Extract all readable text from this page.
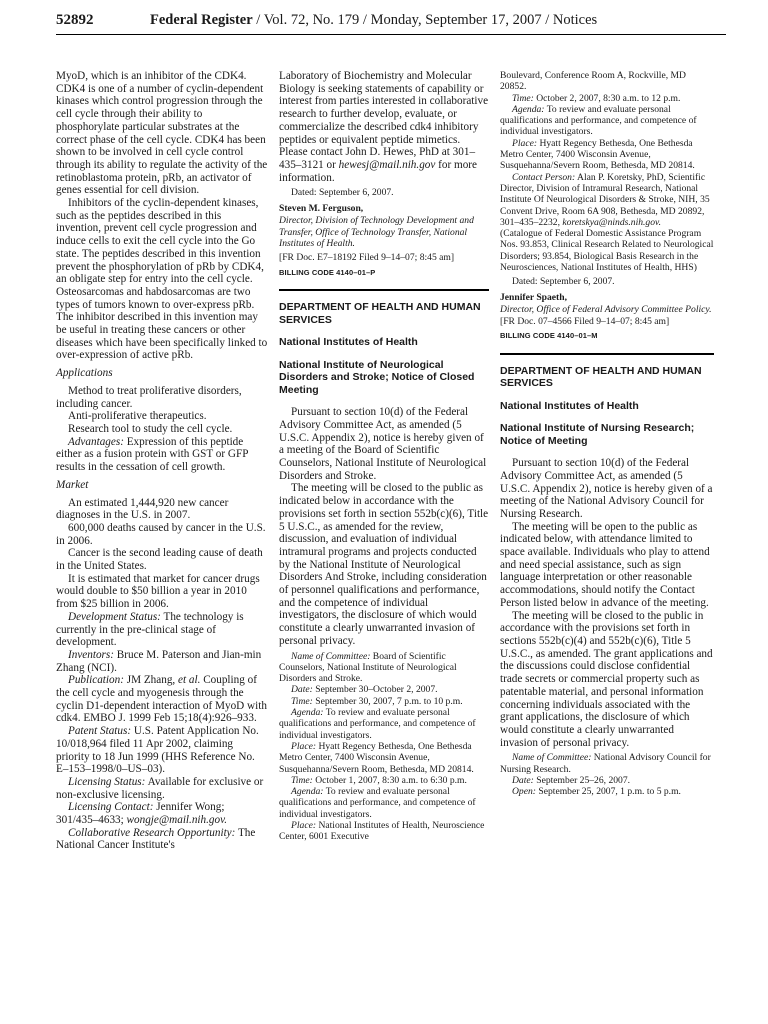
52892	Federal Register / Vol. 72, No. 179 / Monday, September 17, 2007 / Notices

MyoD, which is an inhibitor of the CDK4. CDK4 is one of a number of cyclin-dependent kinases which control progression through the cell cycle through their ability to phosphorylate particular substrates at the correct phase of the cell cycle. CDK4 has been shown to be involved in cell cycle control through its ability to regulate the activity of the retinoblastoma protein, pRb, an activator of genes essential for cell division.

Inhibitors of the cyclin-dependent kinases, such as the peptides described in this invention, prevent cell cycle progression and induce cells to exit the cell cycle into the Go state. The peptides described in this invention prevent the phosphorylation of pRb by CDK4, an obligate step for entry into the cell cycle. Osteosarcomas and habdosarcomas are two types of tumors known to over-express pRb. The inhibitor described in this invention may be useful in treating these cancers or other diseases which have been specifically linked to over-expression of active pRb.

Applications

Method to treat proliferative disorders, including cancer.

Anti-proliferative therapeutics.

Research tool to study the cell cycle.

Advantages: Expression of this peptide either as a fusion protein with GST or GFP results in the cessation of cell growth.

Market

An estimated 1,444,920 new cancer diagnoses in the U.S. in 2007.

600,000 deaths caused by cancer in the U.S. in 2006.

Cancer is the second leading cause of death in the United States.

It is estimated that market for cancer drugs would double to $50 billion a year in 2010 from $25 billion in 2006.

Development Status: The technology is currently in the pre-clinical stage of development.

Inventors: Bruce M. Paterson and Jian-min Zhang (NCI).

Publication: JM Zhang, et al. Coupling of the cell cycle and myogenesis through the cyclin D1-dependent interaction of MyoD with cdk4. EMBO J. 1999 Feb 15;18(4):926–933.

Patent Status: U.S. Patent Application No. 10/018,964 filed 11 Apr 2002, claiming priority to 18 Jun 1999 (HHS Reference No. E–153–1998/0–US–03).

Licensing Status: Available for exclusive or non-exclusive licensing.

Licensing Contact: Jennifer Wong; 301/435–4633; wongje@mail.nih.gov.

Collaborative Research Opportunity: The National Cancer Institute's

Laboratory of Biochemistry and Molecular Biology is seeking statements of capability or interest from parties interested in collaborative research to further develop, evaluate, or commercialize the described cdk4 inhibitory peptides or equivalent peptide mimetics. Please contact John D. Hewes, PhD at 301–435–3121 or hewesj@mail.nih.gov for more information.

Dated: September 6, 2007.

Steven M. Ferguson,

Director, Division of Technology Development and Transfer, Office of Technology Transfer, National Institutes of Health.

[FR Doc. E7–18192 Filed 9–14–07; 8:45 am]

BILLING CODE 4140–01–P

DEPARTMENT OF HEALTH AND HUMAN SERVICES

National Institutes of Health

National Institute of Neurological Disorders and Stroke; Notice of Closed Meeting

Pursuant to section 10(d) of the Federal Advisory Committee Act, as amended (5 U.S.C. Appendix 2), notice is hereby given of a meeting of the Board of Scientific Counselors, National Institute of Neurological Disorders and Stroke.

The meeting will be closed to the public as indicated below in accordance with the provisions set forth in section 552b(c)(6), Title 5 U.S.C., as amended for the review, discussion, and evaluation of individual intramural programs and projects conducted by the National Institute of Neurological Disorders And Stroke, including consideration of personnel qualifications and performance, and the competence of individual investigators, the disclosure of which would constitute a clearly unwarranted invasion of personal privacy.

Name of Committee: Board of Scientific Counselors, National Institute of Neurological Disorders and Stroke.

Date: September 30–October 2, 2007.

Time: September 30, 2007, 7 p.m. to 10 p.m.

Agenda: To review and evaluate personal qualifications and performance, and competence of individual investigators.

Place: Hyatt Regency Bethesda, One Bethesda Metro Center, 7400 Wisconsin Avenue, Susquehanna/Severn Room, Bethesda, MD 20814.

Time: October 1, 2007, 8:30 a.m. to 6:30 p.m.

Agenda: To review and evaluate personal qualifications and performance, and competence of individual investigators.

Place: National Institutes of Health, Neuroscience Center, 6001 Executive

Boulevard, Conference Room A, Rockville, MD 20852.

Time: October 2, 2007, 8:30 a.m. to 12 p.m.

Agenda: To review and evaluate personal qualifications and performance, and competence of individual investigators.

Place: Hyatt Regency Bethesda, One Bethesda Metro Center, 7400 Wisconsin Avenue, Susquehanna/Severn Room, Bethesda, MD 20814.

Contact Person: Alan P. Koretsky, PhD, Scientific Director, Division of Intramural Research, National Institute Of Neurological Disorders & Stroke, NIH, 35 Convent Drive, Room 6A 908, Bethesda, MD 20892, 301–435–2232, koretskya@ninds.nih.gov.

(Catalogue of Federal Domestic Assistance Program Nos. 93.853, Clinical Research Related to Neurological Disorders; 93.854, Biological Basis Research in the Neurosciences, National Institutes of Health, HHS)

Dated: September 6, 2007.

Jennifer Spaeth,

Director, Office of Federal Advisory Committee Policy.

[FR Doc. 07–4566 Filed 9–14–07; 8:45 am]

BILLING CODE 4140–01–M

DEPARTMENT OF HEALTH AND HUMAN SERVICES

National Institutes of Health

National Institute of Nursing Research; Notice of Meeting

Pursuant to section 10(d) of the Federal Advisory Committee Act, as amended (5 U.S.C. Appendix 2), notice is hereby given of a meeting of the National Advisory Council for Nursing Research.

The meeting will be open to the public as indicated below, with attendance limited to space available. Individuals who play to attend and need special assistance, such as sign language interpretation or other reasonable accommodations, should notify the Contact Person listed below in advance of the meeting.

The meeting will be closed to the public in accordance with the provisions set forth in sections 552b(c)(4) and 552b(c)(6), Title 5 U.S.C., as amended. The grant applications and the discussions could disclose confidential trade secrets or commercial property such as patentable material, and personal information concerning individuals associated with the grant applications, the disclosure of which would constitute a clearly unwarranted invasion of personal privacy.

Name of Committee: National Advisory Council for Nursing Research.

Date: September 25–26, 2007.

Open: September 25, 2007, 1 p.m. to 5 p.m.
